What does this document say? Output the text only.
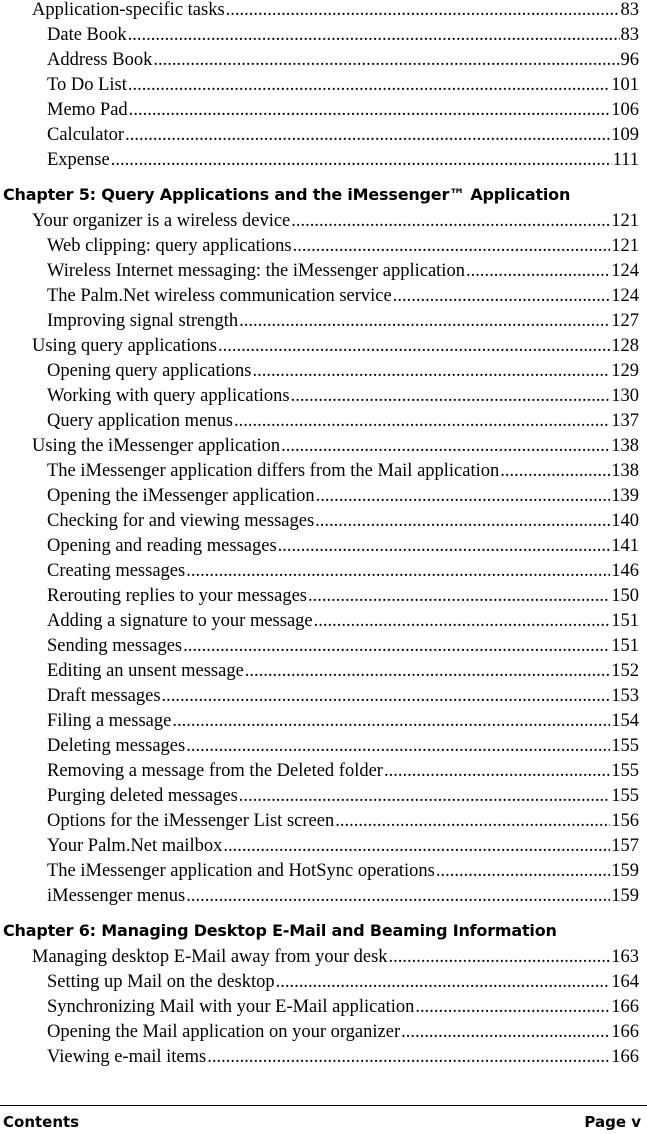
Application-specific tasks .....	83
Date Book .....	83
Address Book .....	96
To Do List .....	101
Memo Pad .....	106
Calculator .....	109
Expense .....	111
Chapter 5: Query Applications and the iMessenger™ Application
Your organizer is a wireless device .....	121
Web clipping: query applications .....	121
Wireless Internet messaging: the iMessenger application .....	124
The Palm.Net wireless communication service .....	124
Improving signal strength .....	127
Using query applications .....	128
Opening query applications .....	129
Working with query applications .....	130
Query application menus .....	137
Using the iMessenger application .....	138
The iMessenger application differs from the Mail application .....	138
Opening the iMessenger application .....	139
Checking for and viewing messages .....	140
Opening and reading messages .....	141
Creating messages .....	146
Rerouting replies to your messages .....	150
Adding a signature to your message .....	151
Sending messages .....	151
Editing an unsent message .....	152
Draft messages .....	153
Filing a message .....	154
Deleting messages .....	155
Removing a message from the Deleted folder .....	155
Purging deleted messages .....	155
Options for the iMessenger List screen .....	156
Your Palm.Net mailbox .....	157
The iMessenger application and HotSync operations .....	159
iMessenger menus .....	159
Chapter 6: Managing Desktop E-Mail and Beaming Information
Managing desktop E-Mail away from your desk .....	163
Setting up Mail on the desktop .....	164
Synchronizing Mail with your E-Mail application .....	166
Opening the Mail application on your organizer .....	166
Viewing e-mail items .....	166
Contents	Page v
